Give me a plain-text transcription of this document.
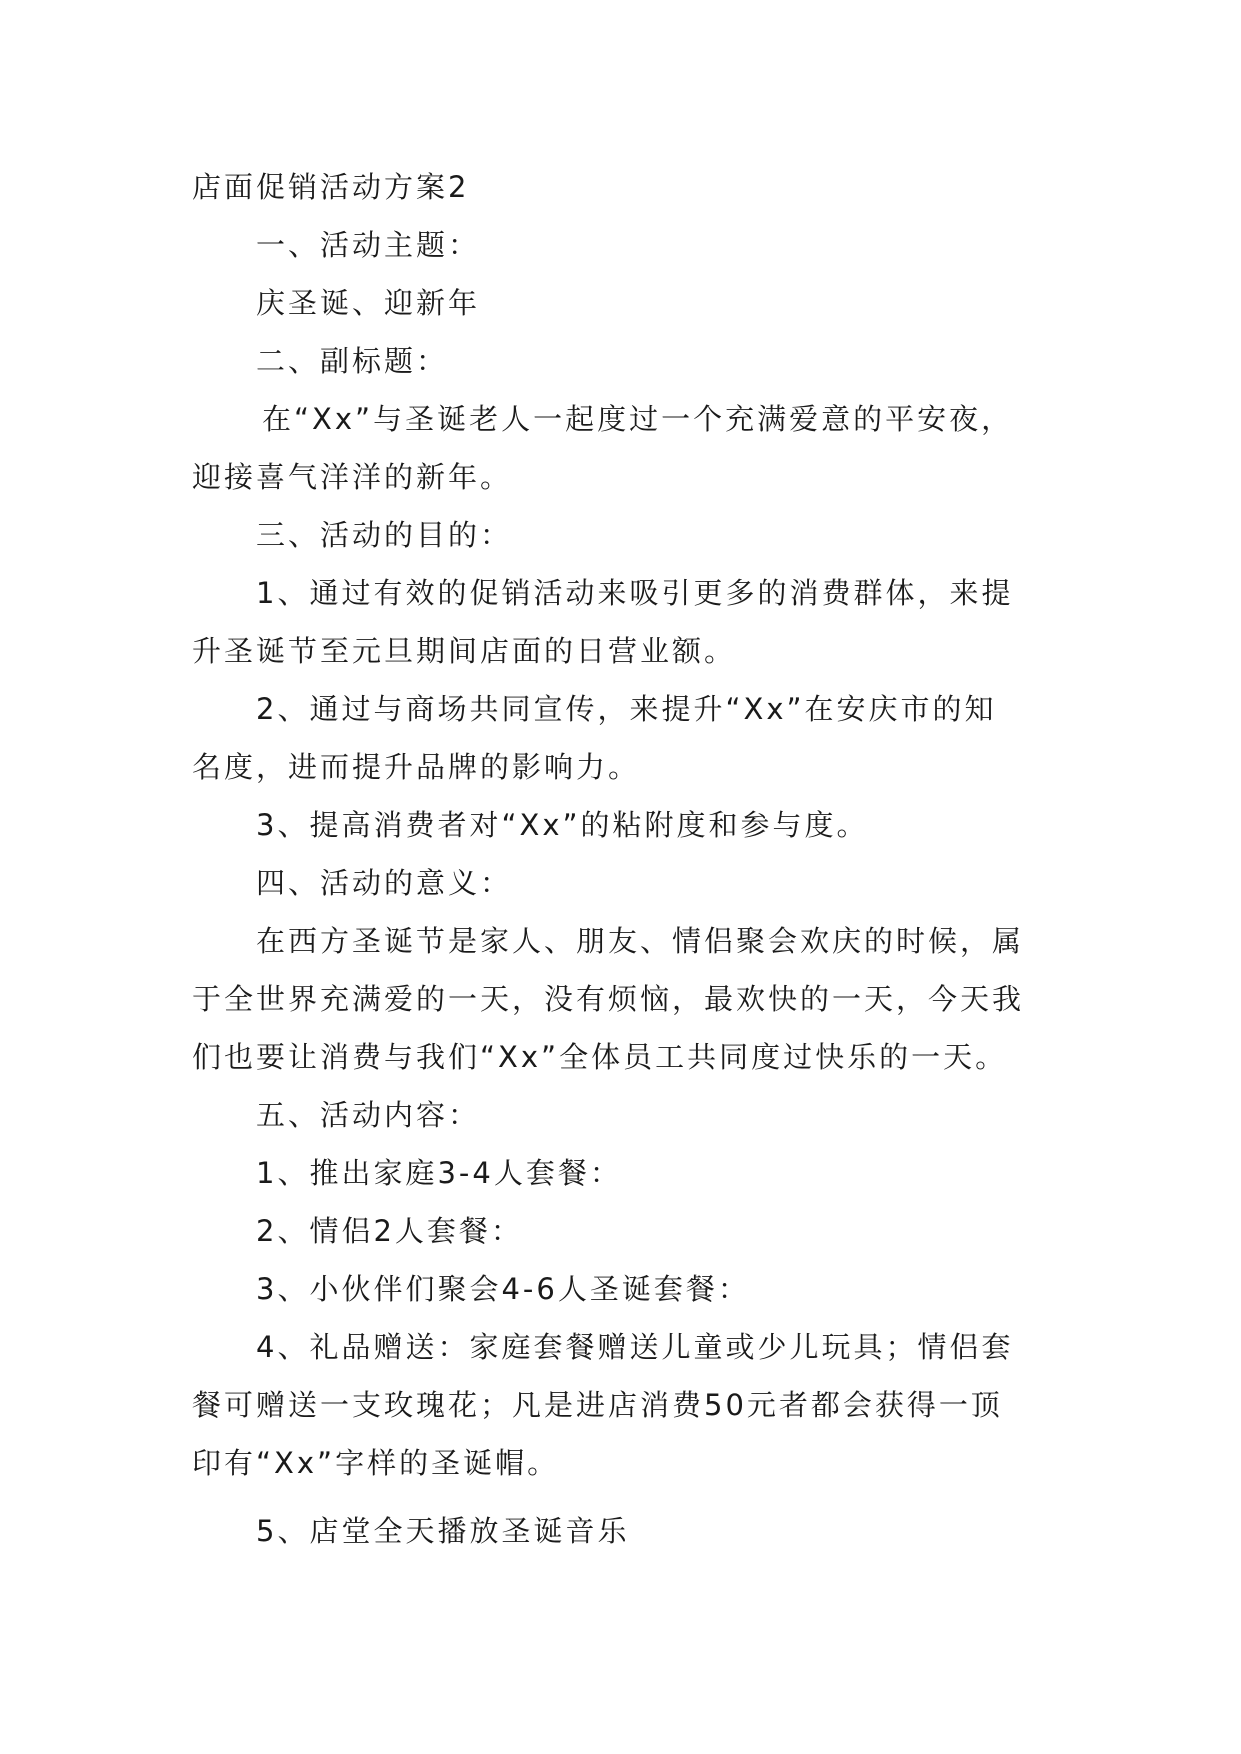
店面促销活动方案2
一、活动主题：
庆圣诞、迎新年
二、副标题：
在“Xx”与圣诞老人一起度过一个充满爱意的平安夜，
迎接喜气洋洋的新年。
三、活动的目的：
1、通过有效的促销活动来吸引更多的消费群体，来提
升圣诞节至元旦期间店面的日营业额。
2、通过与商场共同宣传，来提升“Xx”在安庆市的知
名度，进而提升品牌的影响力。
3、提高消费者对“Xx”的粘附度和参与度。
四、活动的意义：
在西方圣诞节是家人、朋友、情侣聚会欢庆的时候，属
于全世界充满爱的一天，没有烦恼，最欢快的一天，今天我
们也要让消费与我们“Xx”全体员工共同度过快乐的一天。
五、活动内容：
1、推出家庭3-4人套餐：
2、情侣2人套餐：
3、小伙伴们聚会4-6人圣诞套餐：
4、礼品赠送：家庭套餐赠送儿童或少儿玩具；情侣套
餐可赠送一支玫瑰花；凡是进店消费50元者都会获得一顶
印有“Xx”字样的圣诞帽。
5、店堂全天播放圣诞音乐
